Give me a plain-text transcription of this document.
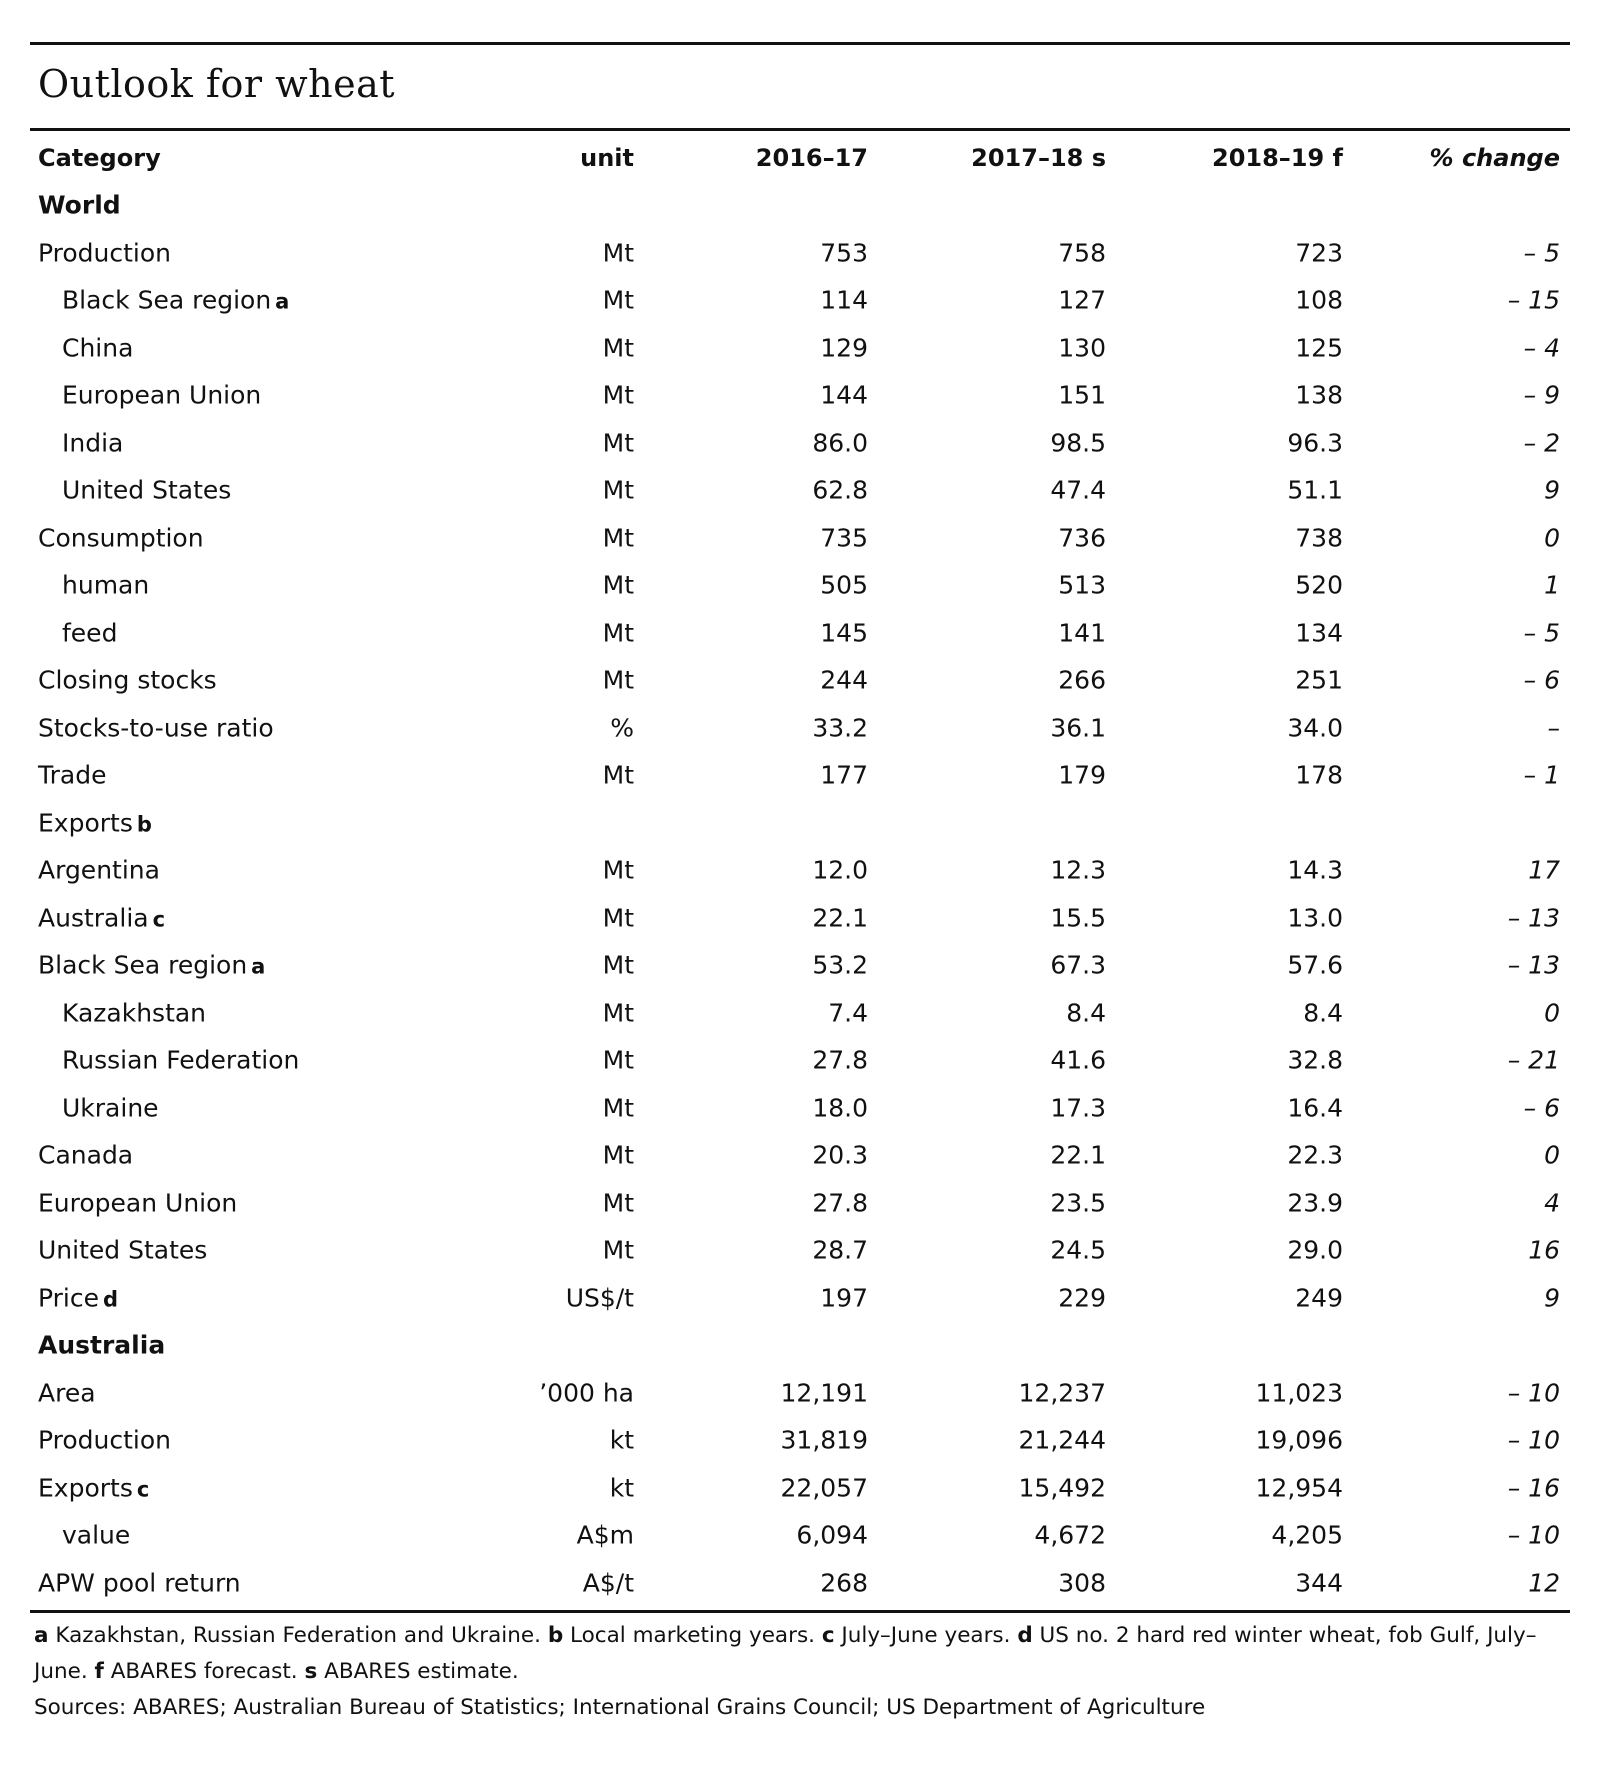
Outlook for wheat
Category	unit	2016–17	2017–18 s	2018–19 f	% change
World
Production	Mt	753	758	723	– 5
Black Sea region a	Mt	114	127	108	– 15
China	Mt	129	130	125	– 4
European Union	Mt	144	151	138	– 9
India	Mt	86.0	98.5	96.3	– 2
United States	Mt	62.8	47.4	51.1	9
Consumption	Mt	735	736	738	0
human	Mt	505	513	520	1
feed	Mt	145	141	134	– 5
Closing stocks	Mt	244	266	251	– 6
Stocks-to-use ratio	%	33.2	36.1	34.0	–
Trade	Mt	177	179	178	– 1
Exports b
Argentina	Mt	12.0	12.3	14.3	17
Australia c	Mt	22.1	15.5	13.0	– 13
Black Sea region a	Mt	53.2	67.3	57.6	– 13
Kazakhstan	Mt	7.4	8.4	8.4	0
Russian Federation	Mt	27.8	41.6	32.8	– 21
Ukraine	Mt	18.0	17.3	16.4	– 6
Canada	Mt	20.3	22.1	22.3	0
European Union	Mt	27.8	23.5	23.9	4
United States	Mt	28.7	24.5	29.0	16
Price d	US$/t	197	229	249	9
Australia
Area	’000 ha	12,191	12,237	11,023	– 10
Production	kt	31,819	21,244	19,096	– 10
Exports c	kt	22,057	15,492	12,954	– 16
value	A$m	6,094	4,672	4,205	– 10
APW pool return	A$/t	268	308	344	12
a Kazakhstan, Russian Federation and Ukraine. b Local marketing years. c July–June years. d US no. 2 hard red winter wheat, fob Gulf, July–June. f ABARES forecast. s ABARES estimate.
Sources: ABARES; Australian Bureau of Statistics; International Grains Council; US Department of Agriculture
